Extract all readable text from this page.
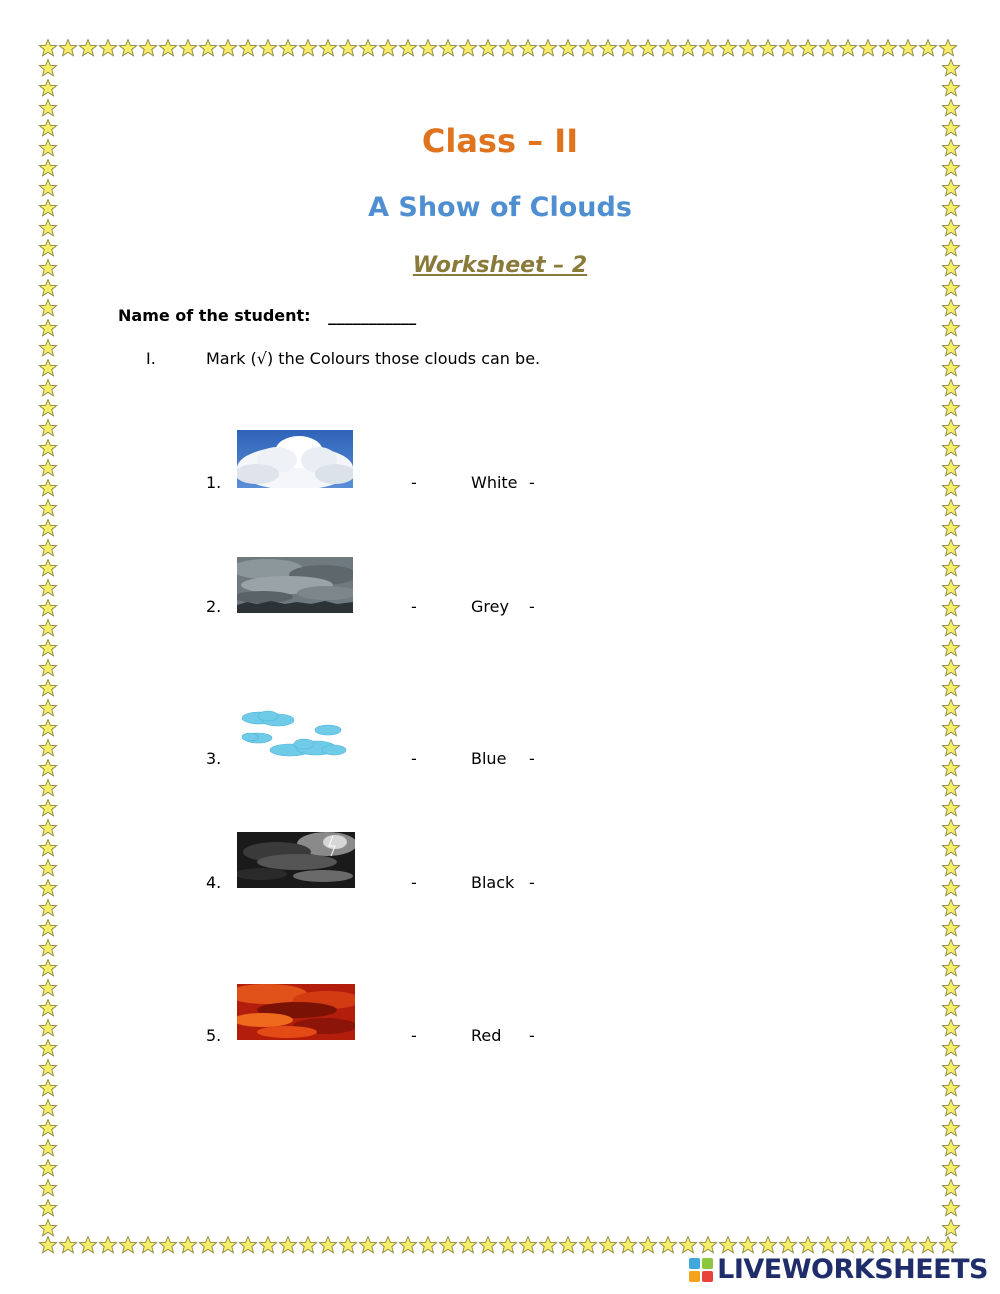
Class – II
A Show of Clouds
Worksheet – 2
Name of the student: ___________
I.	Mark (√) the Colours those clouds can be.
1.	-	White -
2.	-	Grey -
3.	-	Blue -
4.	-	Black -
5.	-	Red -
LIVEWORKSHEETS
